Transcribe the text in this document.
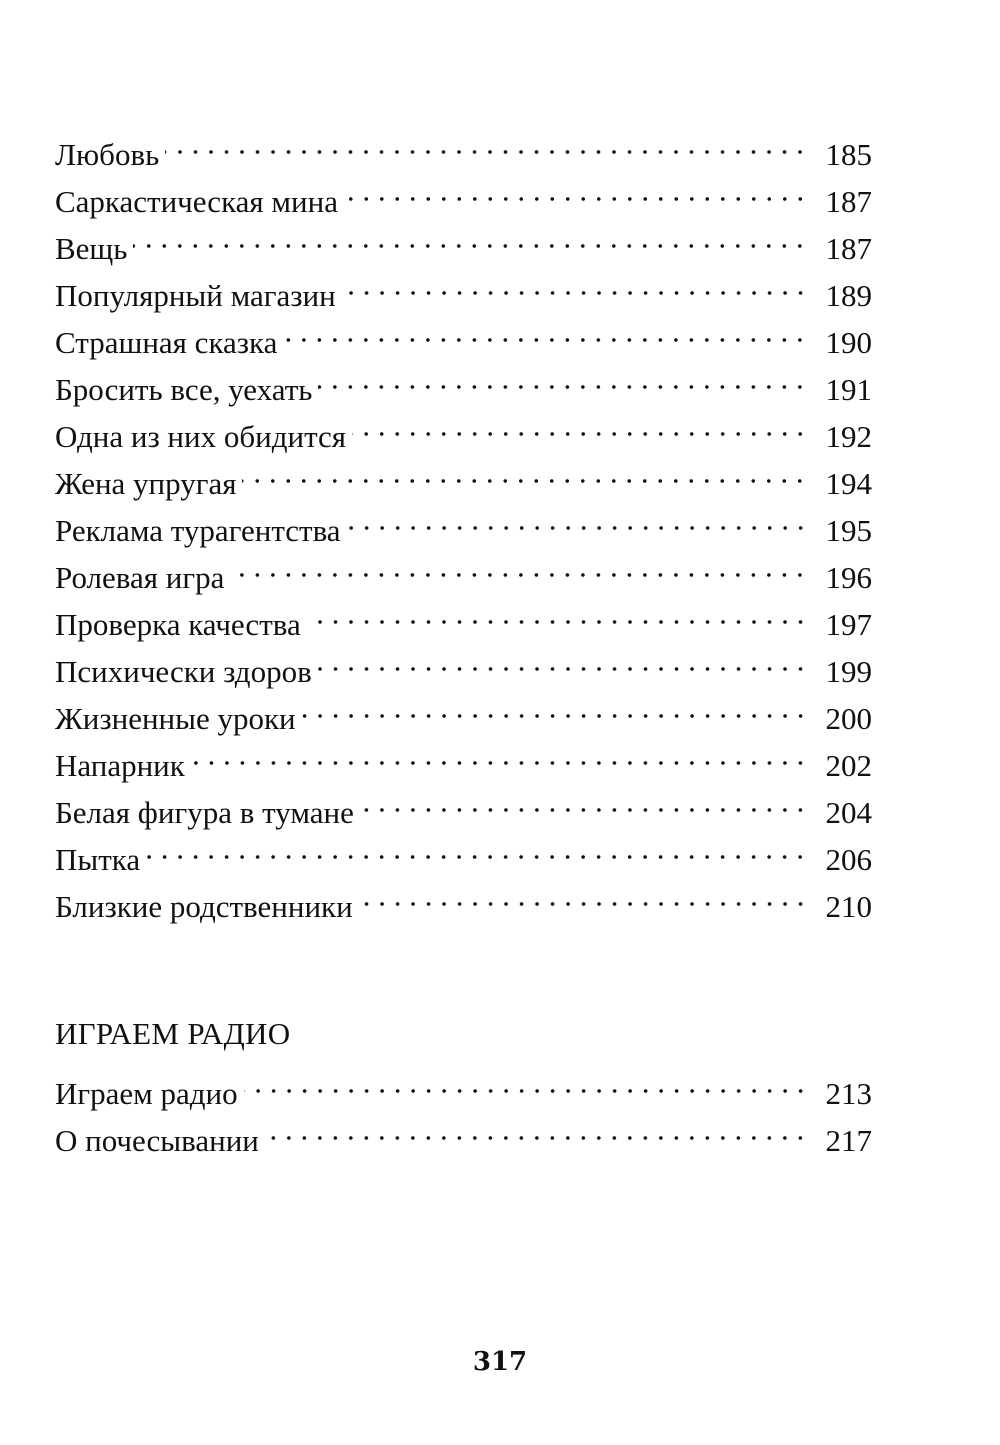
Любовь	185
Саркастическая мина	187
Вещь	187
Популярный магазин	189
Страшная сказка	190
Бросить все, уехать	191
Одна из них обидится	192
Жена упругая	194
Реклама турагентства	195
Ролевая игра	196
Проверка качества	197
Психически здоров	199
Жизненные уроки	200
Напарник	202
Белая фигура в тумане	204
Пытка	206
Близкие родственники	210
ИГРАЕМ РАДИО
Играем радио	213
О почесывании	217
317
